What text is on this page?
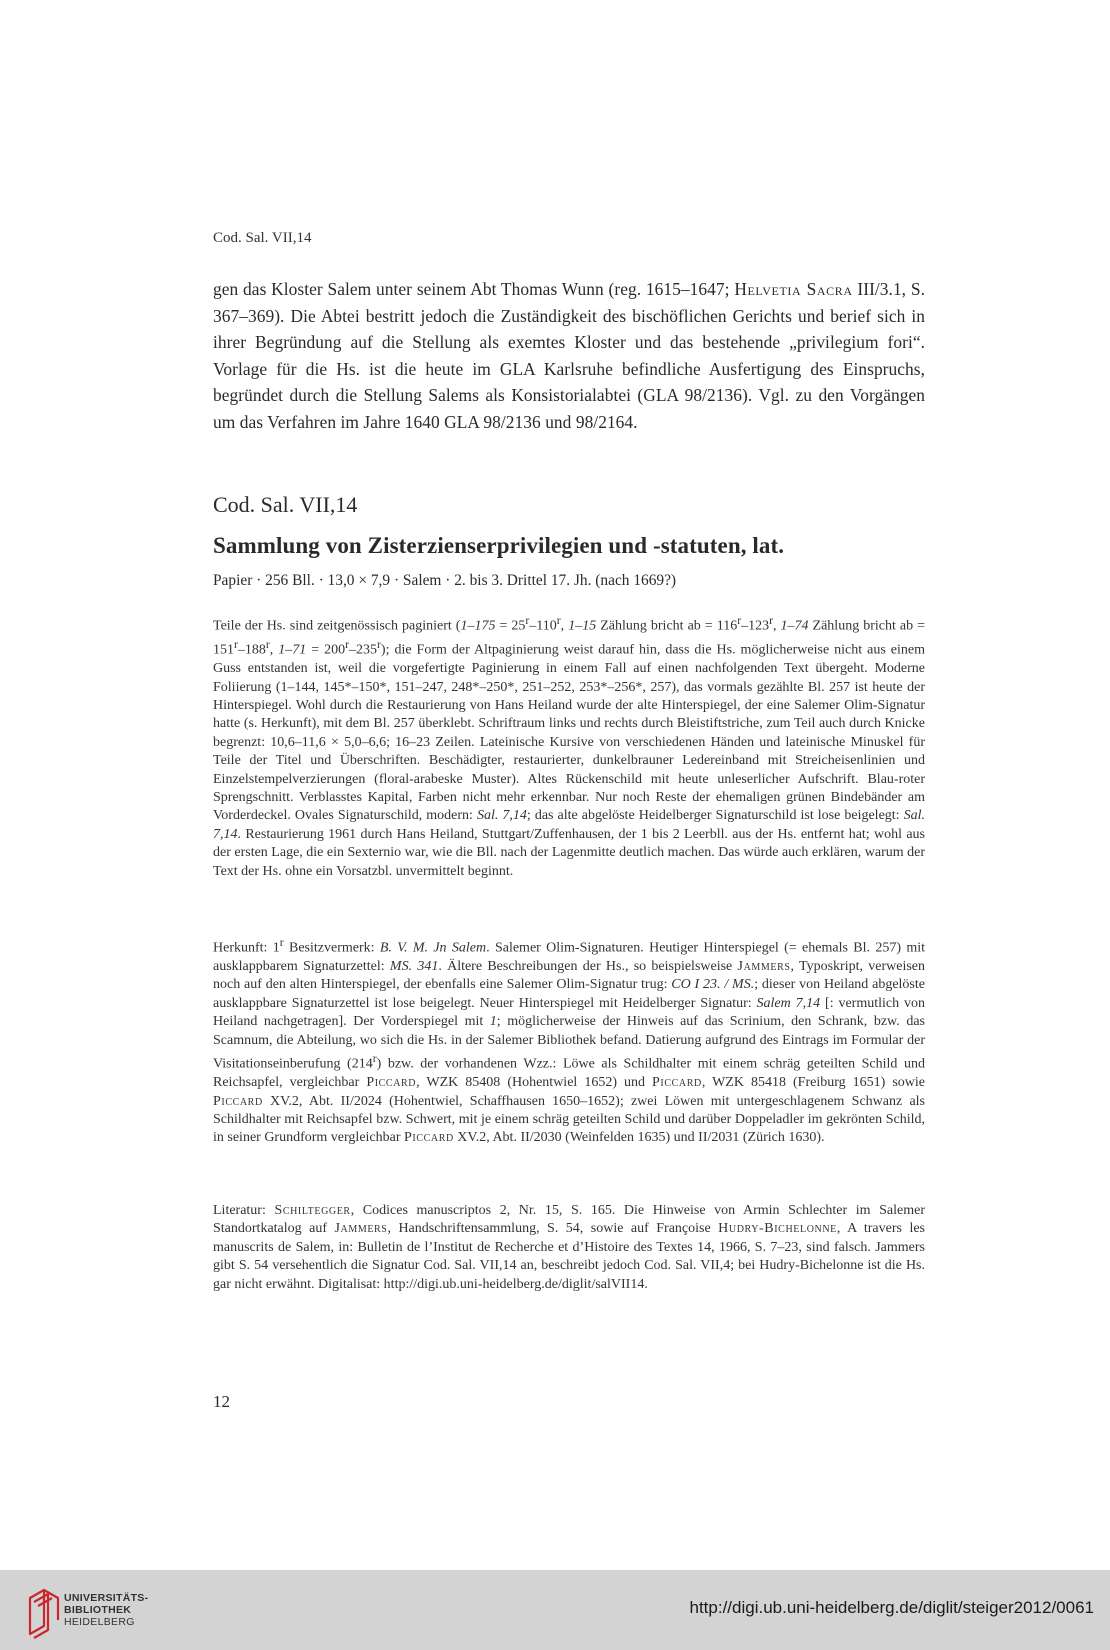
Cod. Sal. VII,14

gen das Kloster Salem unter seinem Abt Thomas Wunn (reg. 1615–1647; Helvetia Sacra III/3.1, S. 367–369). Die Abtei bestritt jedoch die Zuständigkeit des bischöflichen Gerichts und berief sich in ihrer Begründung auf die Stellung als exemtes Kloster und das bestehende „privilegium fori“. Vorlage für die Hs. ist die heute im GLA Karlsruhe befindliche Ausfertigung des Einspruchs, begründet durch die Stellung Salems als Konsistorialabtei (GLA 98/2136). Vgl. zu den Vorgängen um das Verfahren im Jahre 1640 GLA 98/2136 und 98/2164.

Cod. Sal. VII,14
Sammlung von Zisterzienserprivilegien und -statuten, lat.

Papier · 256 Bll. · 13,0 × 7,9 · Salem · 2. bis 3. Drittel 17. Jh. (nach 1669?)

Teile der Hs. sind zeitgenössisch paginiert ($1-175 = 25^r-110^r$, 1–15 Zählung bricht ab = $116^r-123^r$, 1–74 Zählung bricht ab = $151^r-188^r$, $1-71 = 200^r-235^r$); die Form der Altpaginierung weist darauf hin, dass die Hs. möglicherweise nicht aus einem Guss entstanden ist, weil die vorgefertigte Paginierung in einem Fall auf einen nachfolgenden Text übergeht. Moderne Foliierung (1–144, 145*–150*, 151–247, 248*–250*, 251–252, 253*–256*, 257), das vormals gezählte Bl. 257 ist heute der Hinterspiegel. Wohl durch die Restaurierung von Hans Heiland wurde der alte Hinterspiegel, der eine Salemer Olim-Signatur hatte (s. Herkunft), mit dem Bl. 257 überklebt. Schriftraum links und rechts durch Bleistiftstriche, zum Teil auch durch Knicke begrenzt: 10,6–11,6 × 5,0–6,6; 16–23 Zeilen. Lateinische Kursive von verschiedenen Händen und lateinische Minuskel für Teile der Titel und Überschriften. Beschädigter, restaurierter, dunkelbrauner Ledereinband mit Streicheisenlinien und Einzelstempelverzierungen (floral-arabeske Muster). Altes Rückenschild mit heute unleserlicher Aufschrift. Blau-roter Sprengschnitt. Verblasstes Kapital, Farben nicht mehr erkennbar. Nur noch Reste der ehemaligen grünen Bindebänder am Vorderdeckel. Ovales Signaturschild, modern: Sal. 7,14; das alte abgelöste Heidelberger Signaturschild ist lose beigelegt: Sal. 7,14. Restaurierung 1961 durch Hans Heiland, Stuttgart/Zuffenhausen, der 1 bis 2 Leerbll. aus der Hs. entfernt hat; wohl aus der ersten Lage, die ein Sexternio war, wie die Bll. nach der Lagenmitte deutlich machen. Das würde auch erklären, warum der Text der Hs. ohne ein Vorsatzbl. unvermittelt beginnt.

Herkunft: 1$^r$ Besitzvermerk: B. V. M. Jn Salem. Salemer Olim-Signaturen. Heutiger Hinterspiegel (= ehemals Bl. 257) mit ausklappbarem Signaturzettel: MS. 341. Ältere Beschreibungen der Hs., so beispielsweise Jammers, Typoskript, verweisen noch auf den alten Hinterspiegel, der ebenfalls eine Salemer Olim-Signatur trug: CO I 23. / MS.; dieser von Heiland abgelöste ausklappbare Signaturzettel ist lose beigelegt. Neuer Hinterspiegel mit Heidelberger Signatur: Salem 7,14 [: vermutlich von Heiland nachgetragen]. Der Vorderspiegel mit 1; möglicherweise der Hinweis auf das Scrinium, den Schrank, bzw. das Scamnum, die Abteilung, wo sich die Hs. in der Salemer Bibliothek befand. Datierung aufgrund des Eintrags im Formular der Visitationseinberufung (214$^r$) bzw. der vorhandenen Wzz.: Löwe als Schildhalter mit einem schräg geteilten Schild und Reichsapfel, vergleichbar Piccard, WZK 85408 (Hohentwiel 1652) und Piccard, WZK 85418 (Freiburg 1651) sowie Piccard XV.2, Abt. II/2024 (Hohentwiel, Schaffhausen 1650–1652); zwei Löwen mit untergeschlagenem Schwanz als Schildhalter mit Reichsapfel bzw. Schwert, mit je einem schräg geteilten Schild und darüber Doppeladler im gekrönten Schild, in seiner Grundform vergleichbar Piccard XV.2, Abt. II/2030 (Weinfelden 1635) und II/2031 (Zürich 1630).

Literatur: Schiltegger, Codices manuscriptos 2, Nr. 15, S. 165. Die Hinweise von Armin Schlechter im Salemer Standortkatalog auf Jammers, Handschriftensammlung, S. 54, sowie auf Françoise Hudry-Bichelonne, A travers les manuscrits de Salem, in: Bulletin de l’Institut de Recherche et d’Histoire des Textes 14, 1966, S. 7–23, sind falsch. Jammers gibt S. 54 versehentlich die Signatur Cod. Sal. VII,14 an, beschreibt jedoch Cod. Sal. VII,4; bei Hudry-Bichelonne ist die Hs. gar nicht erwähnt. Digitalisat: http://digi.ub.uni-heidelberg.de/diglit/salVII14.

12

UNIVERSITÄTS-
BIBLIOTHEK
HEIDELBERG
http://digi.ub.uni-heidelberg.de/diglit/steiger2012/0061
